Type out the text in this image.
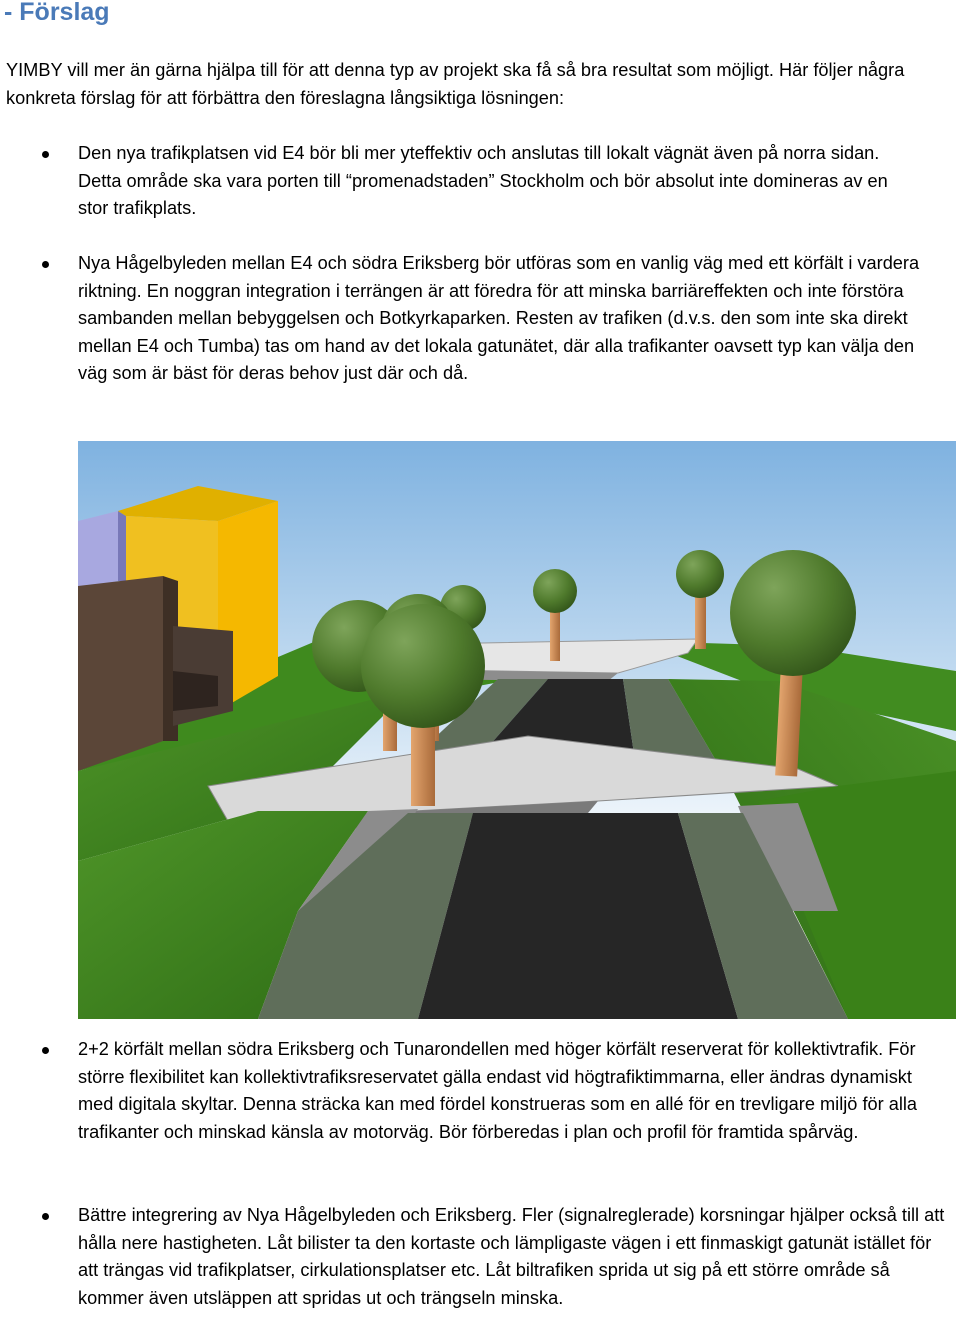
- Förslag

YIMBY vill mer än gärna hjälpa till för att denna typ av projekt ska få så bra resultat som möjligt. Här följer några konkreta förslag för att förbättra den föreslagna långsiktiga lösningen:

Den nya trafikplatsen vid E4 bör bli mer yteffektiv och anslutas till lokalt vägnät även på norra sidan. Detta område ska vara porten till “promenadstaden” Stockholm och bör absolut inte domineras av en stor trafikplats.
Nya Hågelbyleden mellan E4 och södra Eriksberg bör utföras som en vanlig väg med ett körfält i vardera riktning. En noggran integration i terrängen är att föredra för att minska barriäreffekten och inte förstöra sambanden mellan bebyggelsen och Botkyrkaparken. Resten av trafiken (d.v.s. den som inte ska direkt mellan E4 och Tumba) tas om hand av det lokala gatunätet, där alla trafikanter oavsett typ kan välja den väg som är bäst för deras behov just där och då.
2+2 körfält mellan södra Eriksberg och Tunarondellen med höger körfält reserverat för kollektivtrafik. För större flexibilitet kan kollektivtrafiksreservatet gälla endast vid högtrafiktimmarna, eller ändras dynamiskt med digitala skyltar. Denna sträcka kan med fördel konstrueras som en allé för en trevligare miljö för alla trafikanter och minskad känsla av motorväg. Bör förberedas i plan och profil för framtida spårväg.
Bättre integrering av Nya Hågelbyleden och Eriksberg. Fler (signalreglerade) korsningar hjälper också till att hålla nere hastigheten. Låt bilister ta den kortaste och lämpligaste vägen i ett finmaskigt gatunät istället för att trängas vid trafikplatser, cirkulationsplatser etc. Låt biltrafiken sprida ut sig på ett större område så kommer även utsläppen att spridas ut och trängseln minska.
